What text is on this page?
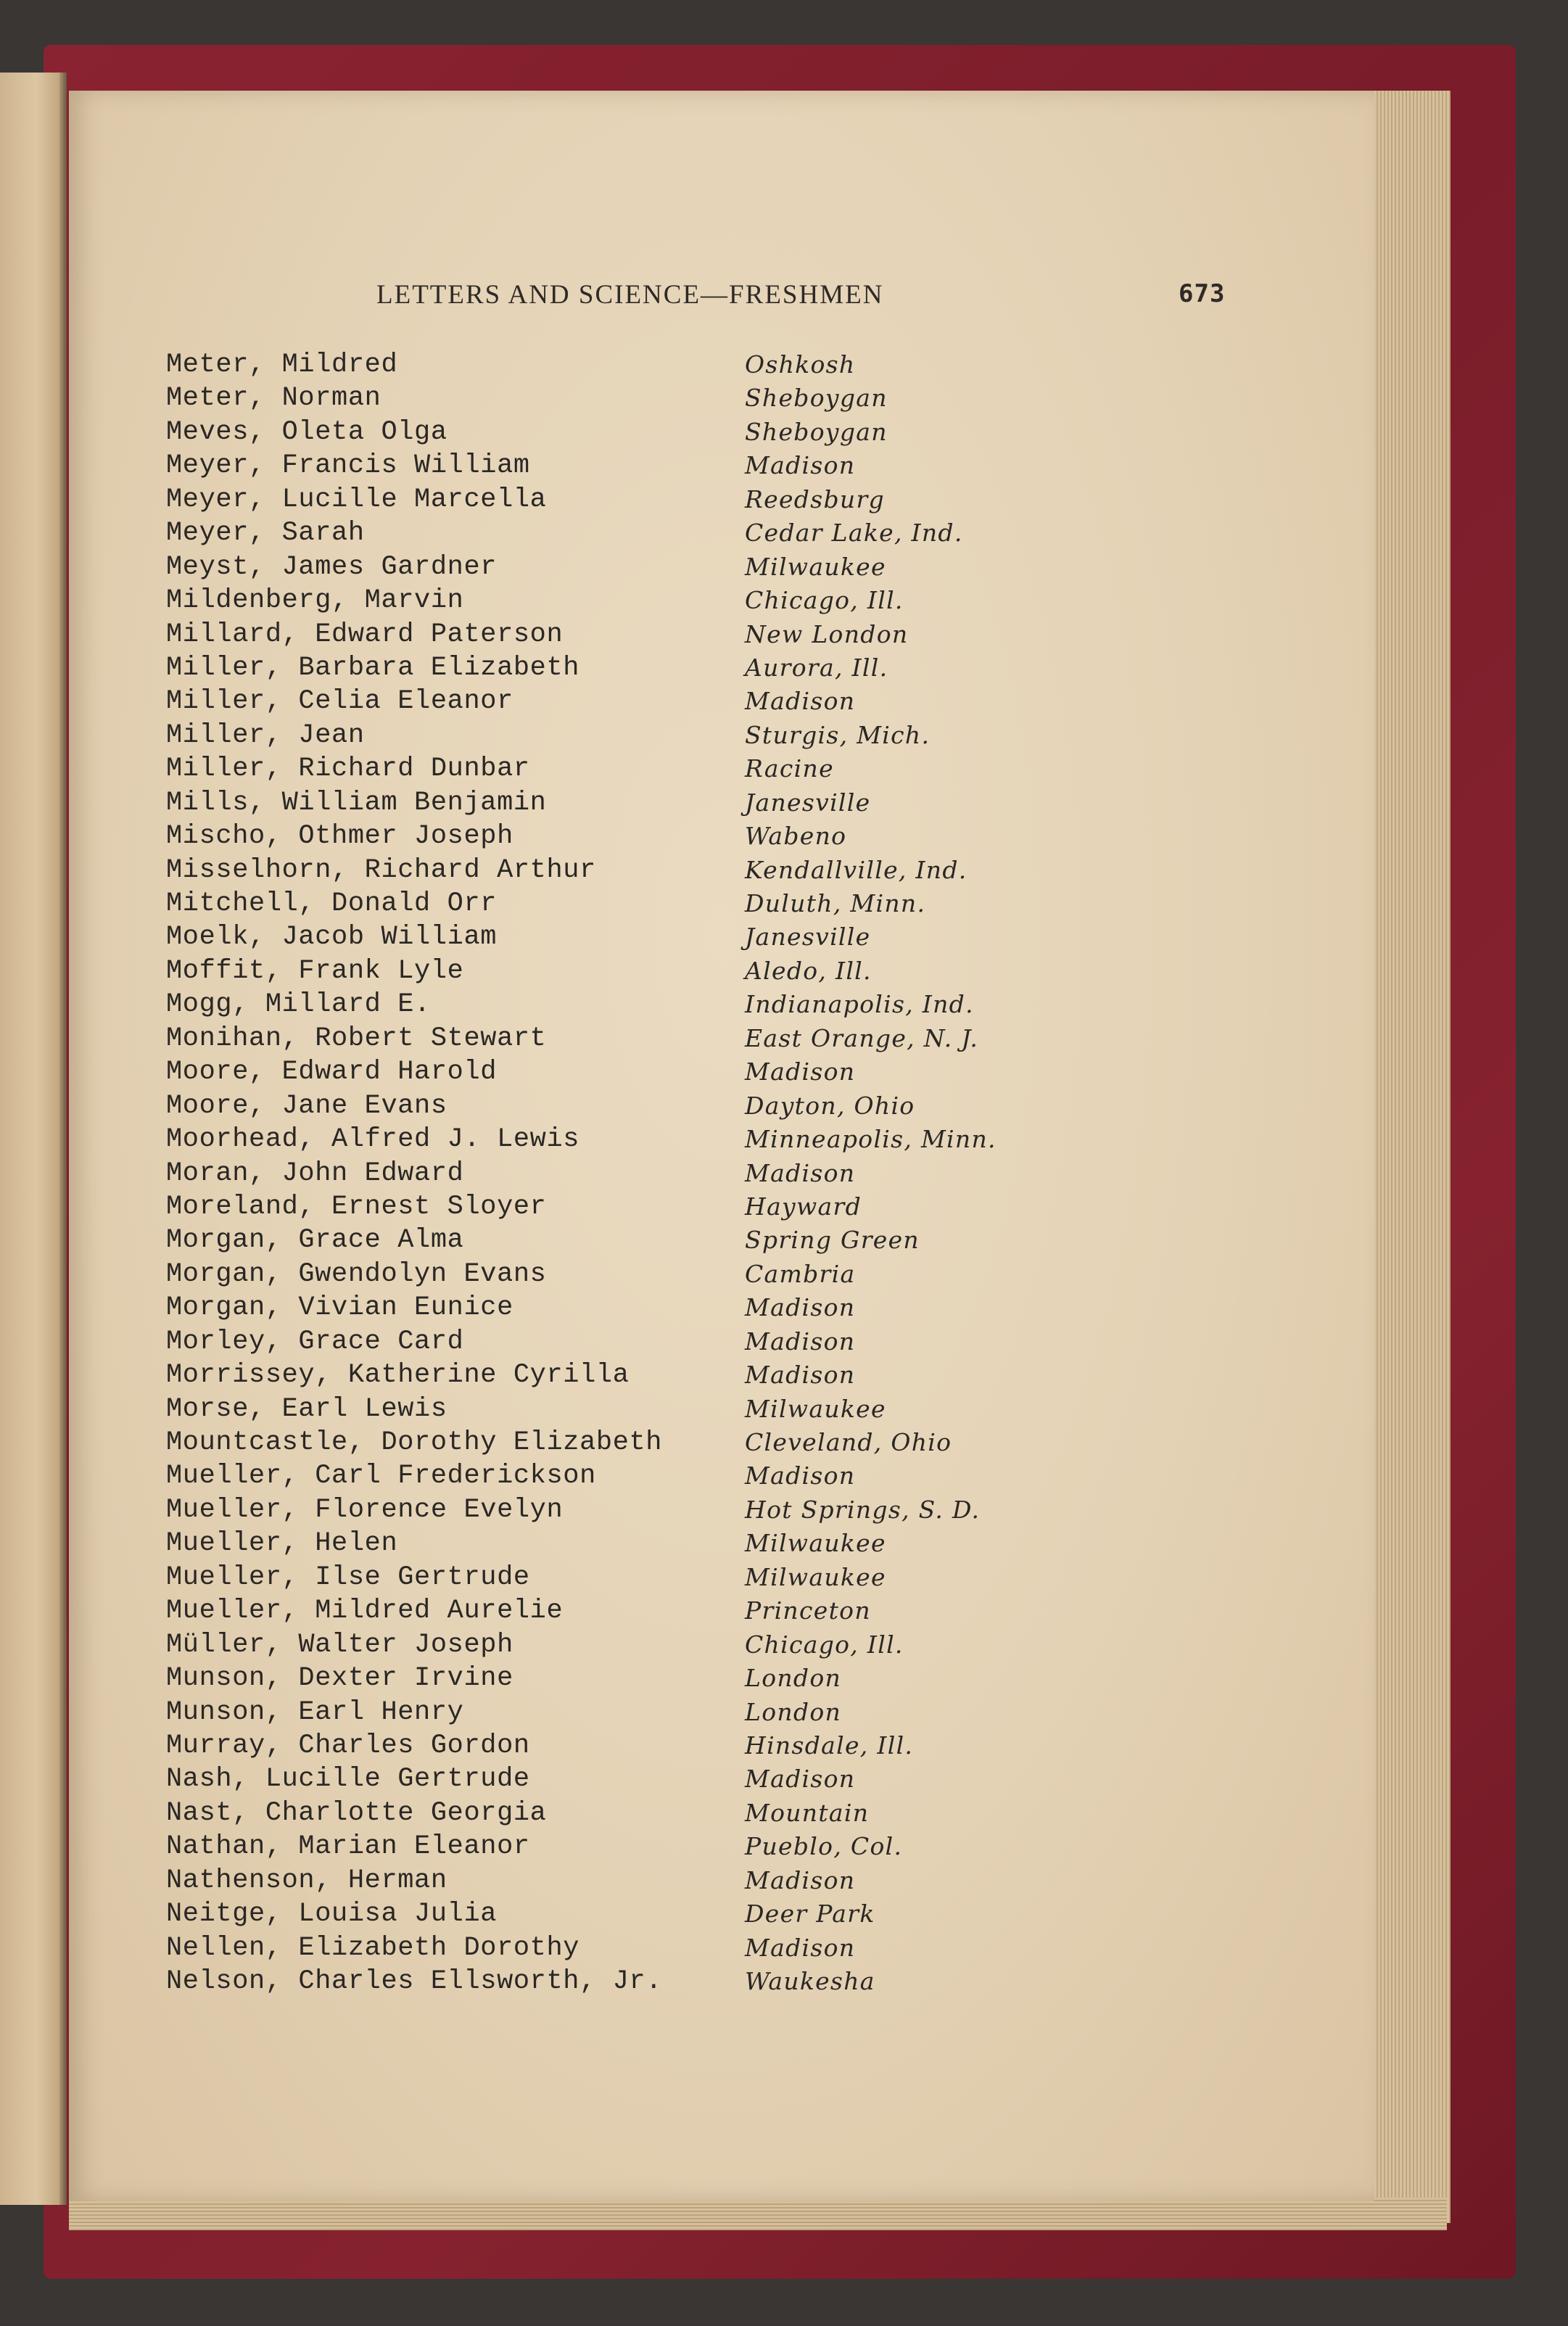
LETTERS AND SCIENCE—FRESHMEN	673
Meter, Mildred	Oshkosh
Meter, Norman	Sheboygan
Meves, Oleta Olga	Sheboygan
Meyer, Francis William	Madison
Meyer, Lucille Marcella	Reedsburg
Meyer, Sarah	Cedar Lake, Ind.
Meyst, James Gardner	Milwaukee
Mildenberg, Marvin	Chicago, Ill.
Millard, Edward Paterson	New London
Miller, Barbara Elizabeth	Aurora, Ill.
Miller, Celia Eleanor	Madison
Miller, Jean	Sturgis, Mich.
Miller, Richard Dunbar	Racine
Mills, William Benjamin	Janesville
Mischo, Othmer Joseph	Wabeno
Misselhorn, Richard Arthur	Kendallville, Ind.
Mitchell, Donald Orr	Duluth, Minn.
Moelk, Jacob William	Janesville
Moffit, Frank Lyle	Aledo, Ill.
Mogg, Millard E.	Indianapolis, Ind.
Monihan, Robert Stewart	East Orange, N. J.
Moore, Edward Harold	Madison
Moore, Jane Evans	Dayton, Ohio
Moorhead, Alfred J. Lewis	Minneapolis, Minn.
Moran, John Edward	Madison
Moreland, Ernest Sloyer	Hayward
Morgan, Grace Alma	Spring Green
Morgan, Gwendolyn Evans	Cambria
Morgan, Vivian Eunice	Madison
Morley, Grace Card	Madison
Morrissey, Katherine Cyrilla	Madison
Morse, Earl Lewis	Milwaukee
Mountcastle, Dorothy Elizabeth	Cleveland, Ohio
Mueller, Carl Frederickson	Madison
Mueller, Florence Evelyn	Hot Springs, S. D.
Mueller, Helen	Milwaukee
Mueller, Ilse Gertrude	Milwaukee
Mueller, Mildred Aurelie	Princeton
Müller, Walter Joseph	Chicago, Ill.
Munson, Dexter Irvine	London
Munson, Earl Henry	London
Murray, Charles Gordon	Hinsdale, Ill.
Nash, Lucille Gertrude	Madison
Nast, Charlotte Georgia	Mountain
Nathan, Marian Eleanor	Pueblo, Col.
Nathenson, Herman	Madison
Neitge, Louisa Julia	Deer Park
Nellen, Elizabeth Dorothy	Madison
Nelson, Charles Ellsworth, Jr.	Waukesha
